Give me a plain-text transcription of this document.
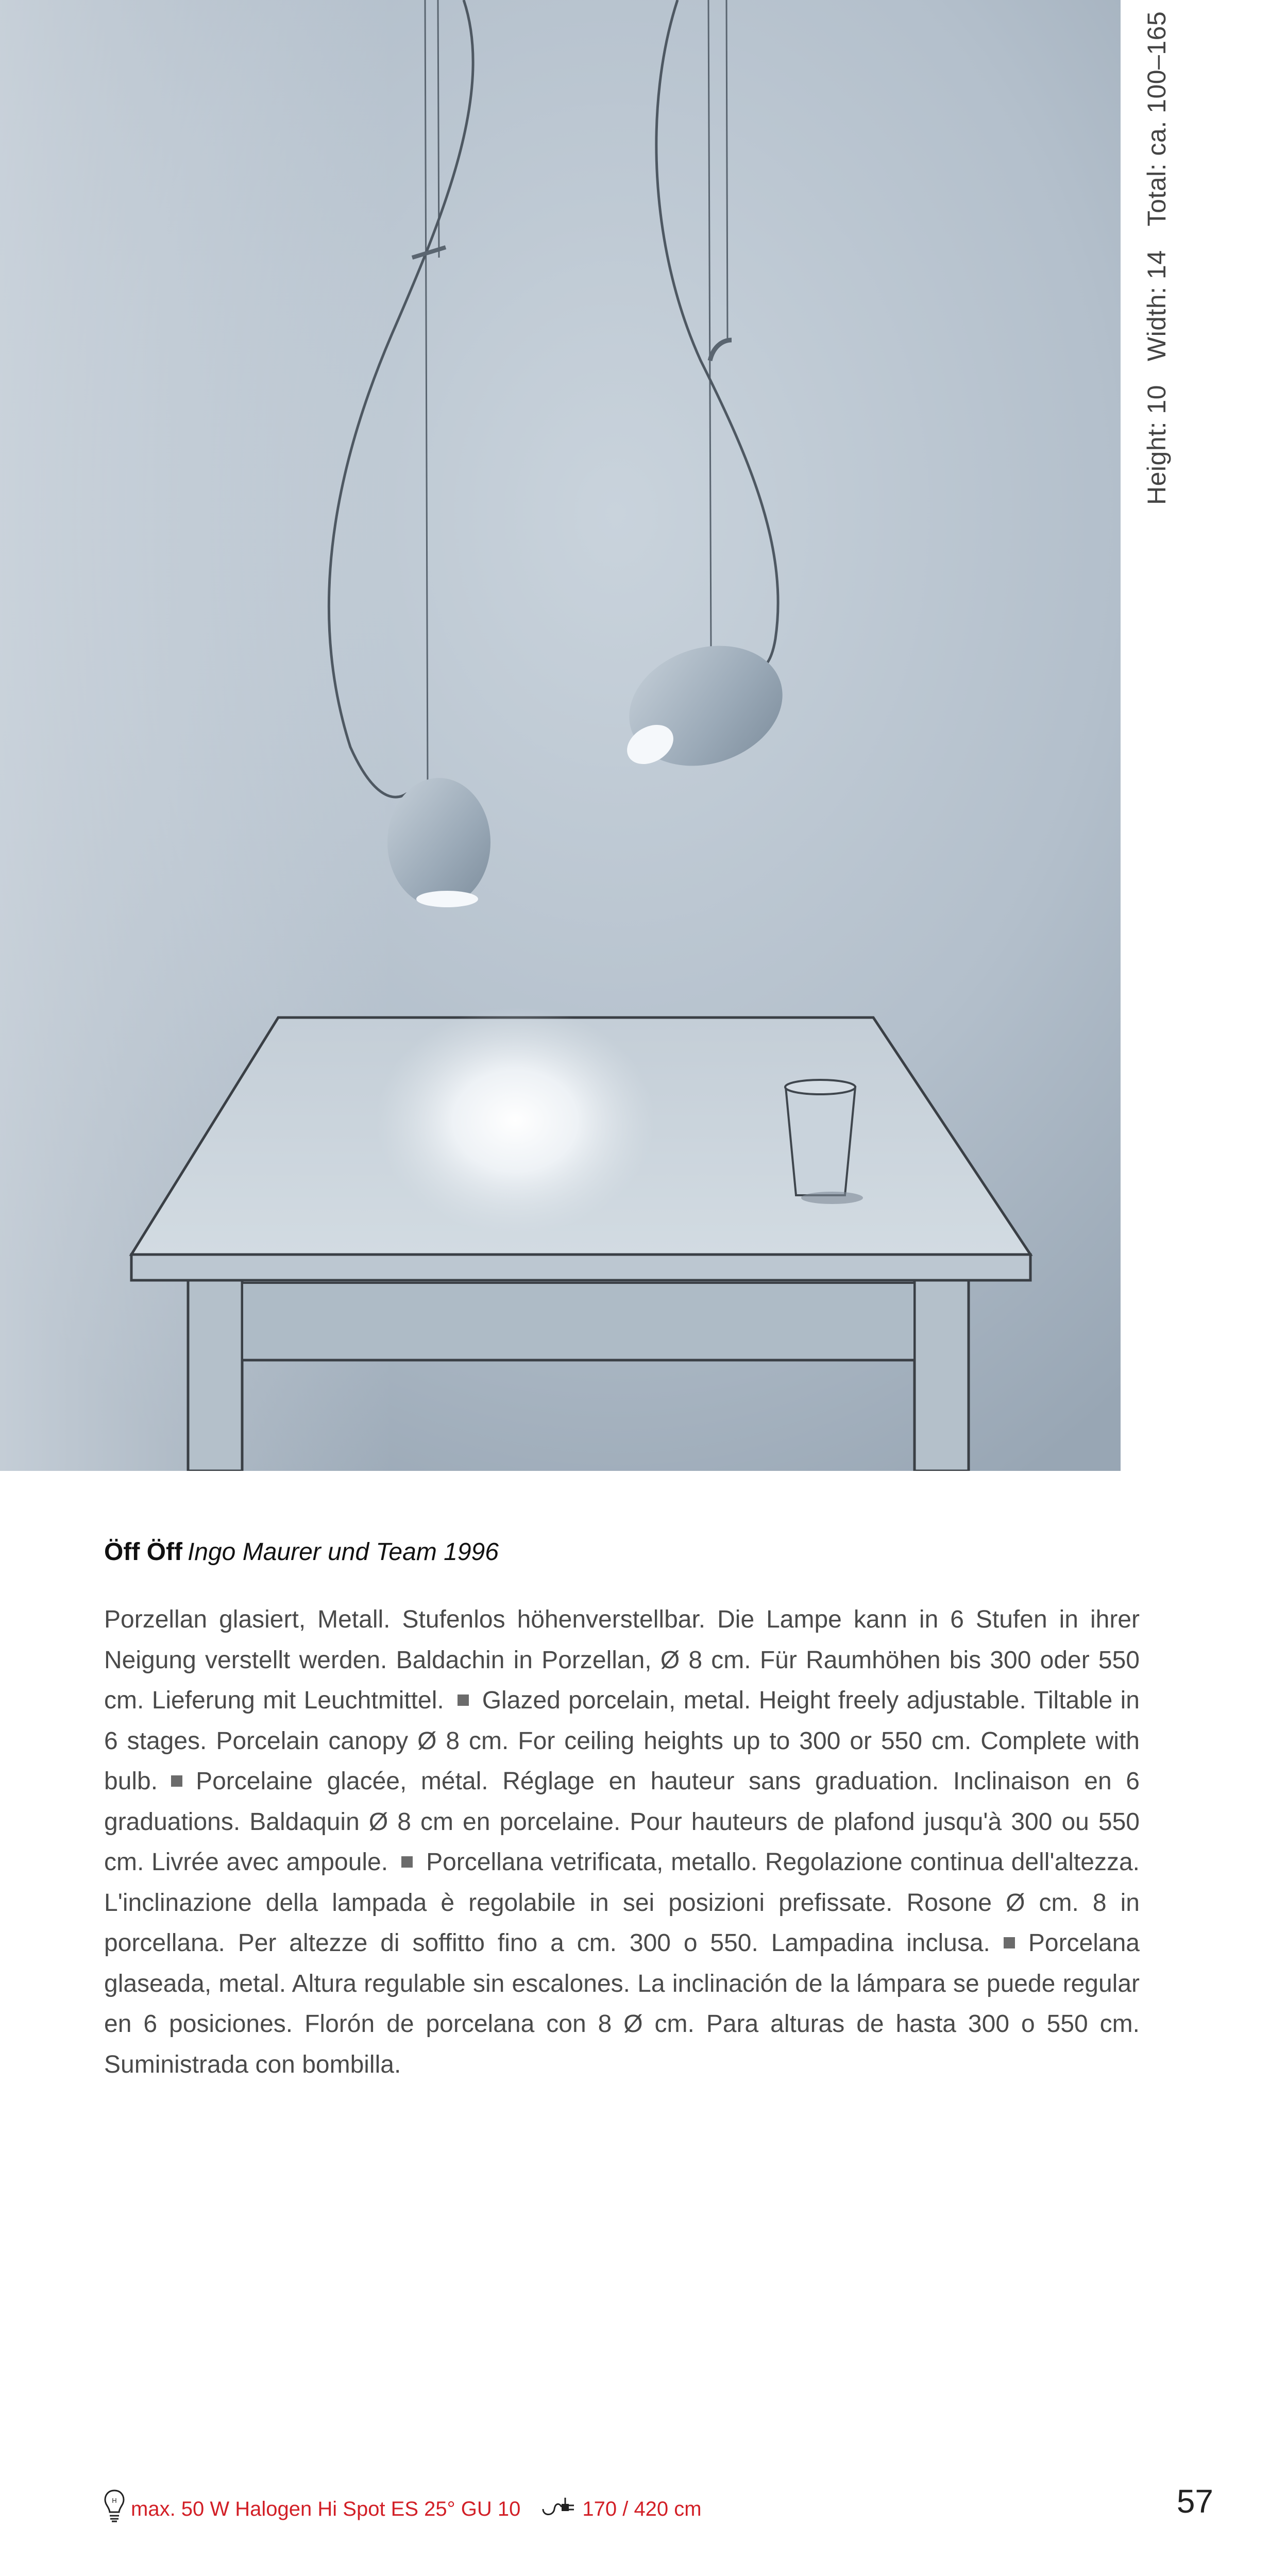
Height: 10Width: 14Total: ca. 100–165
Öff Öff Ingo Maurer und Team 1996
Porzellan glasiert, Metall. Stufenlos höhenverstellbar. Die Lampe kann in 6 Stufen in ihrer Neigung verstellt werden. Baldachin in Porzellan, Ø 8 cm. Für Raumhöhen bis 300 oder 550 cm. Lieferung mit Leuchtmittel. Glazed porcelain, metal. Height freely adjustable. Tiltable in 6 stages. Porcelain canopy Ø 8 cm. For ceiling heights up to 300 or 550 cm. Complete with bulb. Porcelaine glacée, métal. Réglage en hauteur sans graduation. Inclinaison en 6 graduations. Baldaquin Ø 8 cm en porcelaine. Pour hauteurs de plafond jusqu'à 300 ou 550 cm. Livrée avec ampoule. Porcellana vetrificata, metallo. Regolazione continua dell'altezza. L'inclinazione della lampada è regolabile in sei posizioni prefissate. Rosone Ø cm. 8 in porcellana. Per altezze di soffitto fino a cm. 300 o 550. Lampadina inclusa. Porcelana glaseada, metal. Altura regulable sin escalones. La inclinación de la lámpara se puede regular en 6 posiciones. Florón de porcelana con 8 Ø cm. Para alturas de hasta 300 o 550 cm. Suministrada con bombilla.
H max. 50 W Halogen Hi Spot ES 25° GU 10	170 / 420 cm	57
